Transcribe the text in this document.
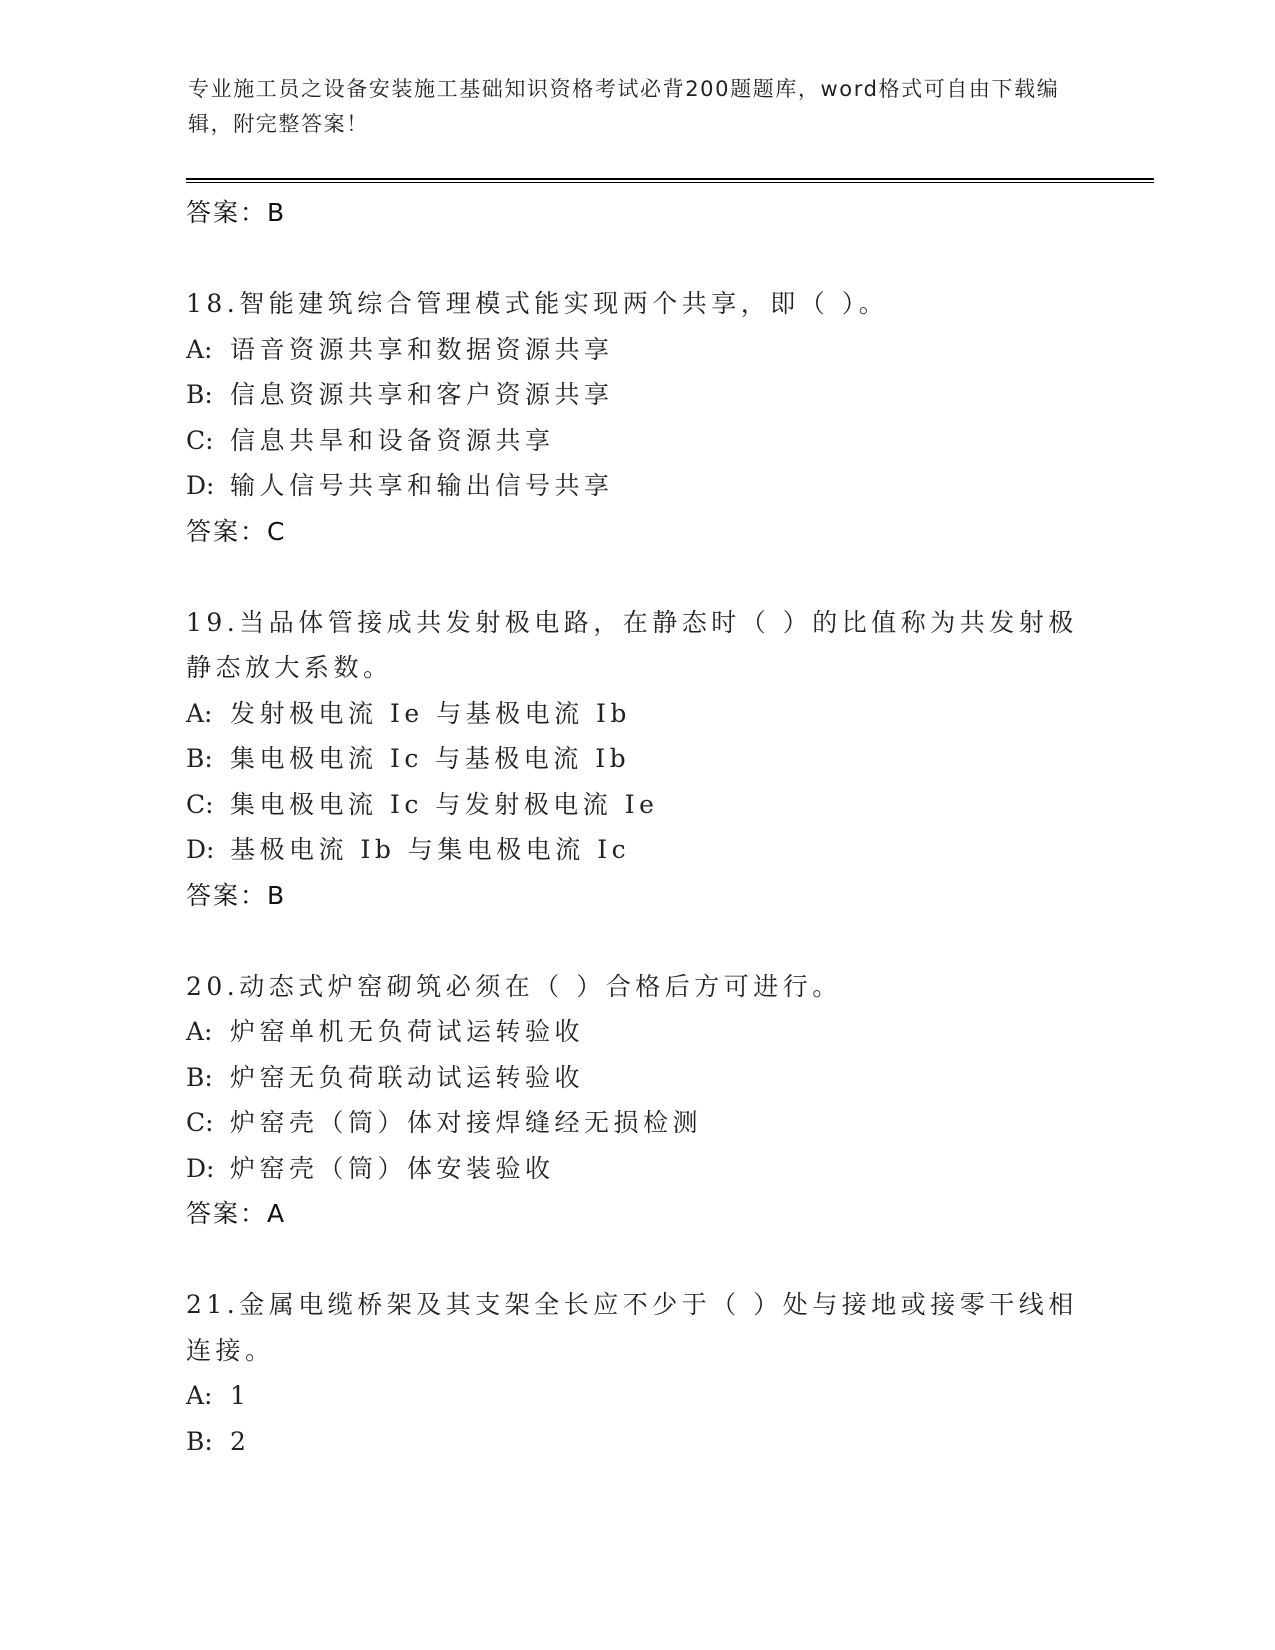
专业施工员之设备安装施工基础知识资格考试必背200题题库，word格式可自由下载编辑，附完整答案！
答案：B

18.智能建筑综合管理模式能实现两个共享，即（ ）。

A: 语音资源共享和数据资源共享
B: 信息资源共享和客户资源共享
C: 信息共旱和设备资源共享
D: 输人信号共享和输出信号共享
答案：C

19.当品体管接成共发射极电路，在静态时（ ）的比值称为共发射极静态放大系数。

A: 发射极电流 Ie 与基极电流 Ib
B: 集电极电流 Ic 与基极电流 Ib
C: 集电极电流 Ic 与发射极电流 Ie
D: 基极电流 Ib 与集电极电流 Ic
答案：B

20.动态式炉窑砌筑必须在（ ）合格后方可进行。

A: 炉窑单机无负荷试运转验收
B: 炉窑无负荷联动试运转验收
C: 炉窑壳（筒）体对接焊缝经无损检测
D: 炉窑壳（筒）体安装验收
答案：A

21.金属电缆桥架及其支架全长应不少于（ ）处与接地或接零干线相连接。

A: 1
B: 2
